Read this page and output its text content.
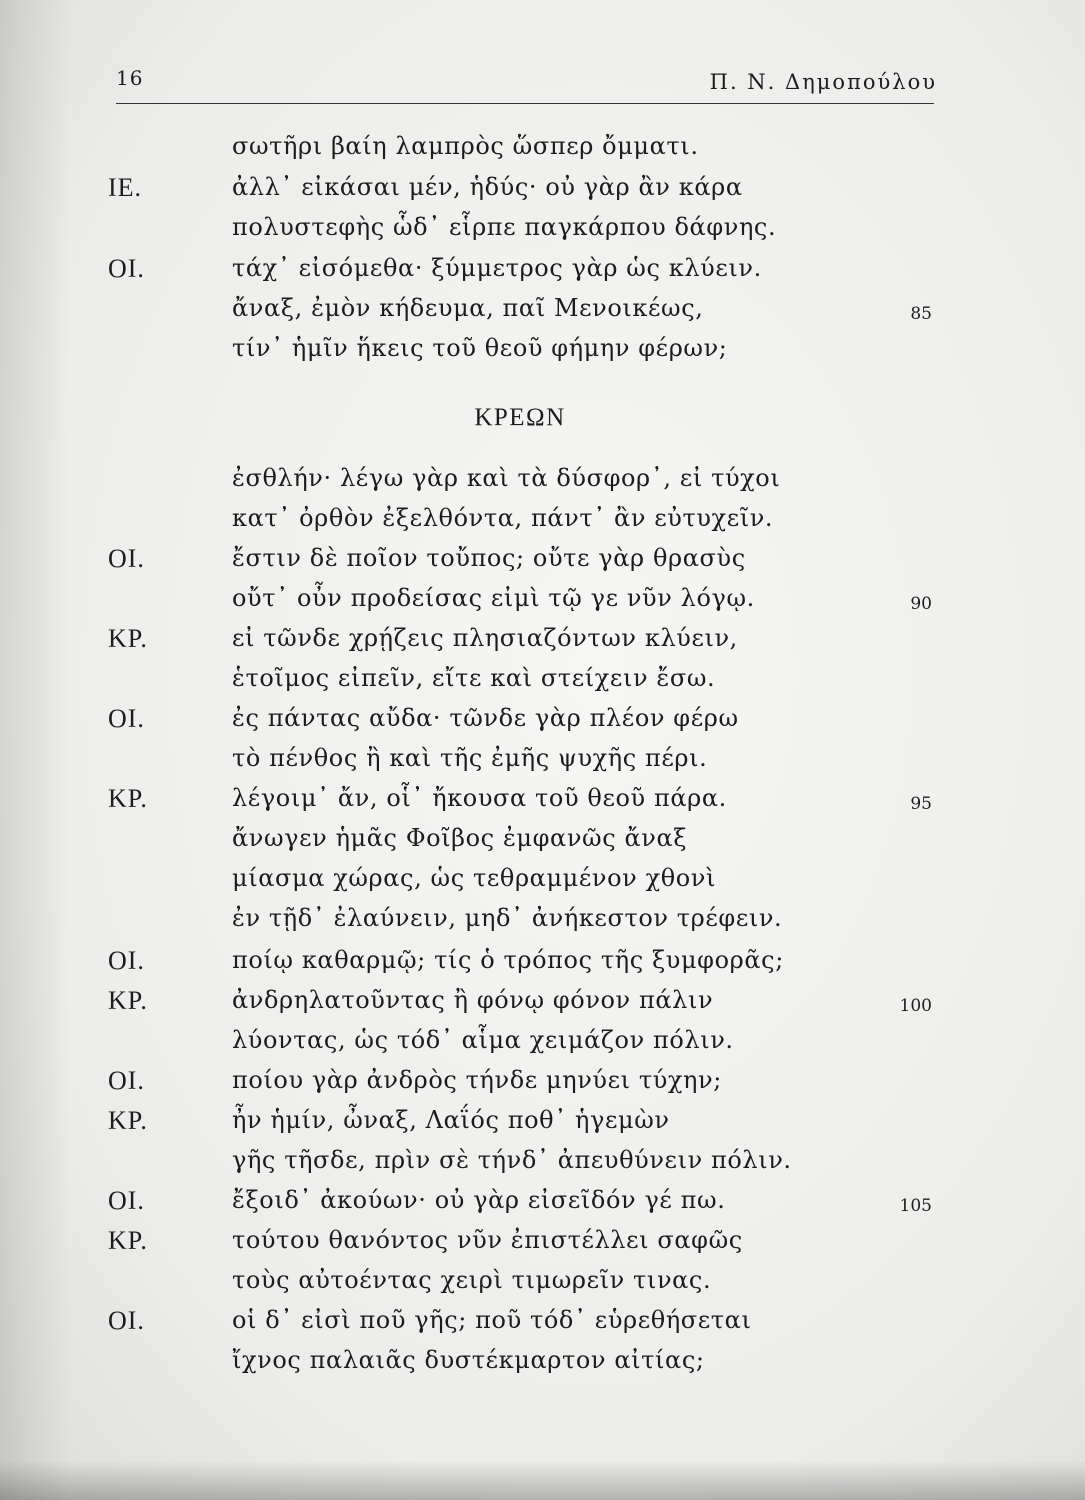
16	Π. Ν. Δημοπούλου
σωτῆρι βαίη λαμπρὸς ὥσπερ ὄμματι.
ΙΕ.	ἀλλ᾽ εἰκάσαι μέν, ἡδύς· οὐ γὰρ ἂν κάρα
πολυστεφὴς ὧδ᾽ εἷρπε παγκάρπου δάφνης.
ΟΙ.	τάχ᾽ εἰσόμεθα· ξύμμετρος γὰρ ὡς κλύειν.
ἄναξ, ἐμὸν κήδευμα, παῖ Μενοικέως,	85
τίν᾽ ἡμῖν ἥκεις τοῦ θεοῦ φήμην φέρων;
ἐσθλήν· λέγω γὰρ καὶ τὰ δύσφορ᾽, εἰ τύχοι
κατ᾽ ὀρθὸν ἐξελθόντα, πάντ᾽ ἂν εὐτυχεῖν.
ΟΙ.	ἔστιν δὲ ποῖον τοὔπος; οὔτε γὰρ θρασὺς
οὔτ᾽ οὖν προδείσας εἰμὶ τῷ γε νῦν λόγῳ.	90
ΚΡ.	εἰ τῶνδε χρῄζεις πλησιαζόντων κλύειν,
ἑτοῖμος εἰπεῖν, εἴτε καὶ στείχειν ἔσω.
ΟΙ.	ἐς πάντας αὔδα· τῶνδε γὰρ πλέον φέρω
τὸ πένθος ἢ καὶ τῆς ἐμῆς ψυχῆς πέρι.
ΚΡ.	λέγοιμ᾽ ἄν, οἷ᾽ ἤκουσα τοῦ θεοῦ πάρα.	95
ἄνωγεν ἡμᾶς Φοῖβος ἐμφανῶς ἄναξ
μίασμα χώρας, ὡς τεθραμμένον χθονὶ
ἐν τῇδ᾽ ἐλαύνειν, μηδ᾽ ἀνήκεστον τρέφειν.
ΟΙ.	ποίῳ καθαρμῷ; τίς ὁ τρόπος τῆς ξυμφορᾶς;
ΚΡ.	ἀνδρηλατοῦντας ἢ φόνῳ φόνον πάλιν	100
λύοντας, ὡς τόδ᾽ αἷμα χειμάζον πόλιν.
ΟΙ.	ποίου γὰρ ἀνδρὸς τήνδε μηνύει τύχην;
ΚΡ.	ἦν ἡμίν, ὦναξ, Λαΐός ποθ᾽ ἡγεμὼν
γῆς τῆσδε, πρὶν σὲ τήνδ᾽ ἀπευθύνειν πόλιν.
ΟΙ.	ἔξοιδ᾽ ἀκούων· οὐ γὰρ εἰσεῖδόν γέ πω.	105
ΚΡ.	τούτου θανόντος νῦν ἐπιστέλλει σαφῶς
τοὺς αὐτοέντας χειρὶ τιμωρεῖν τινας.
ΟΙ.	οἱ δ᾽ εἰσὶ ποῦ γῆς; ποῦ τόδ᾽ εὑρεθήσεται
ἴχνος παλαιᾶς δυστέκμαρτον αἰτίας;
ΚΡΕΩΝ
